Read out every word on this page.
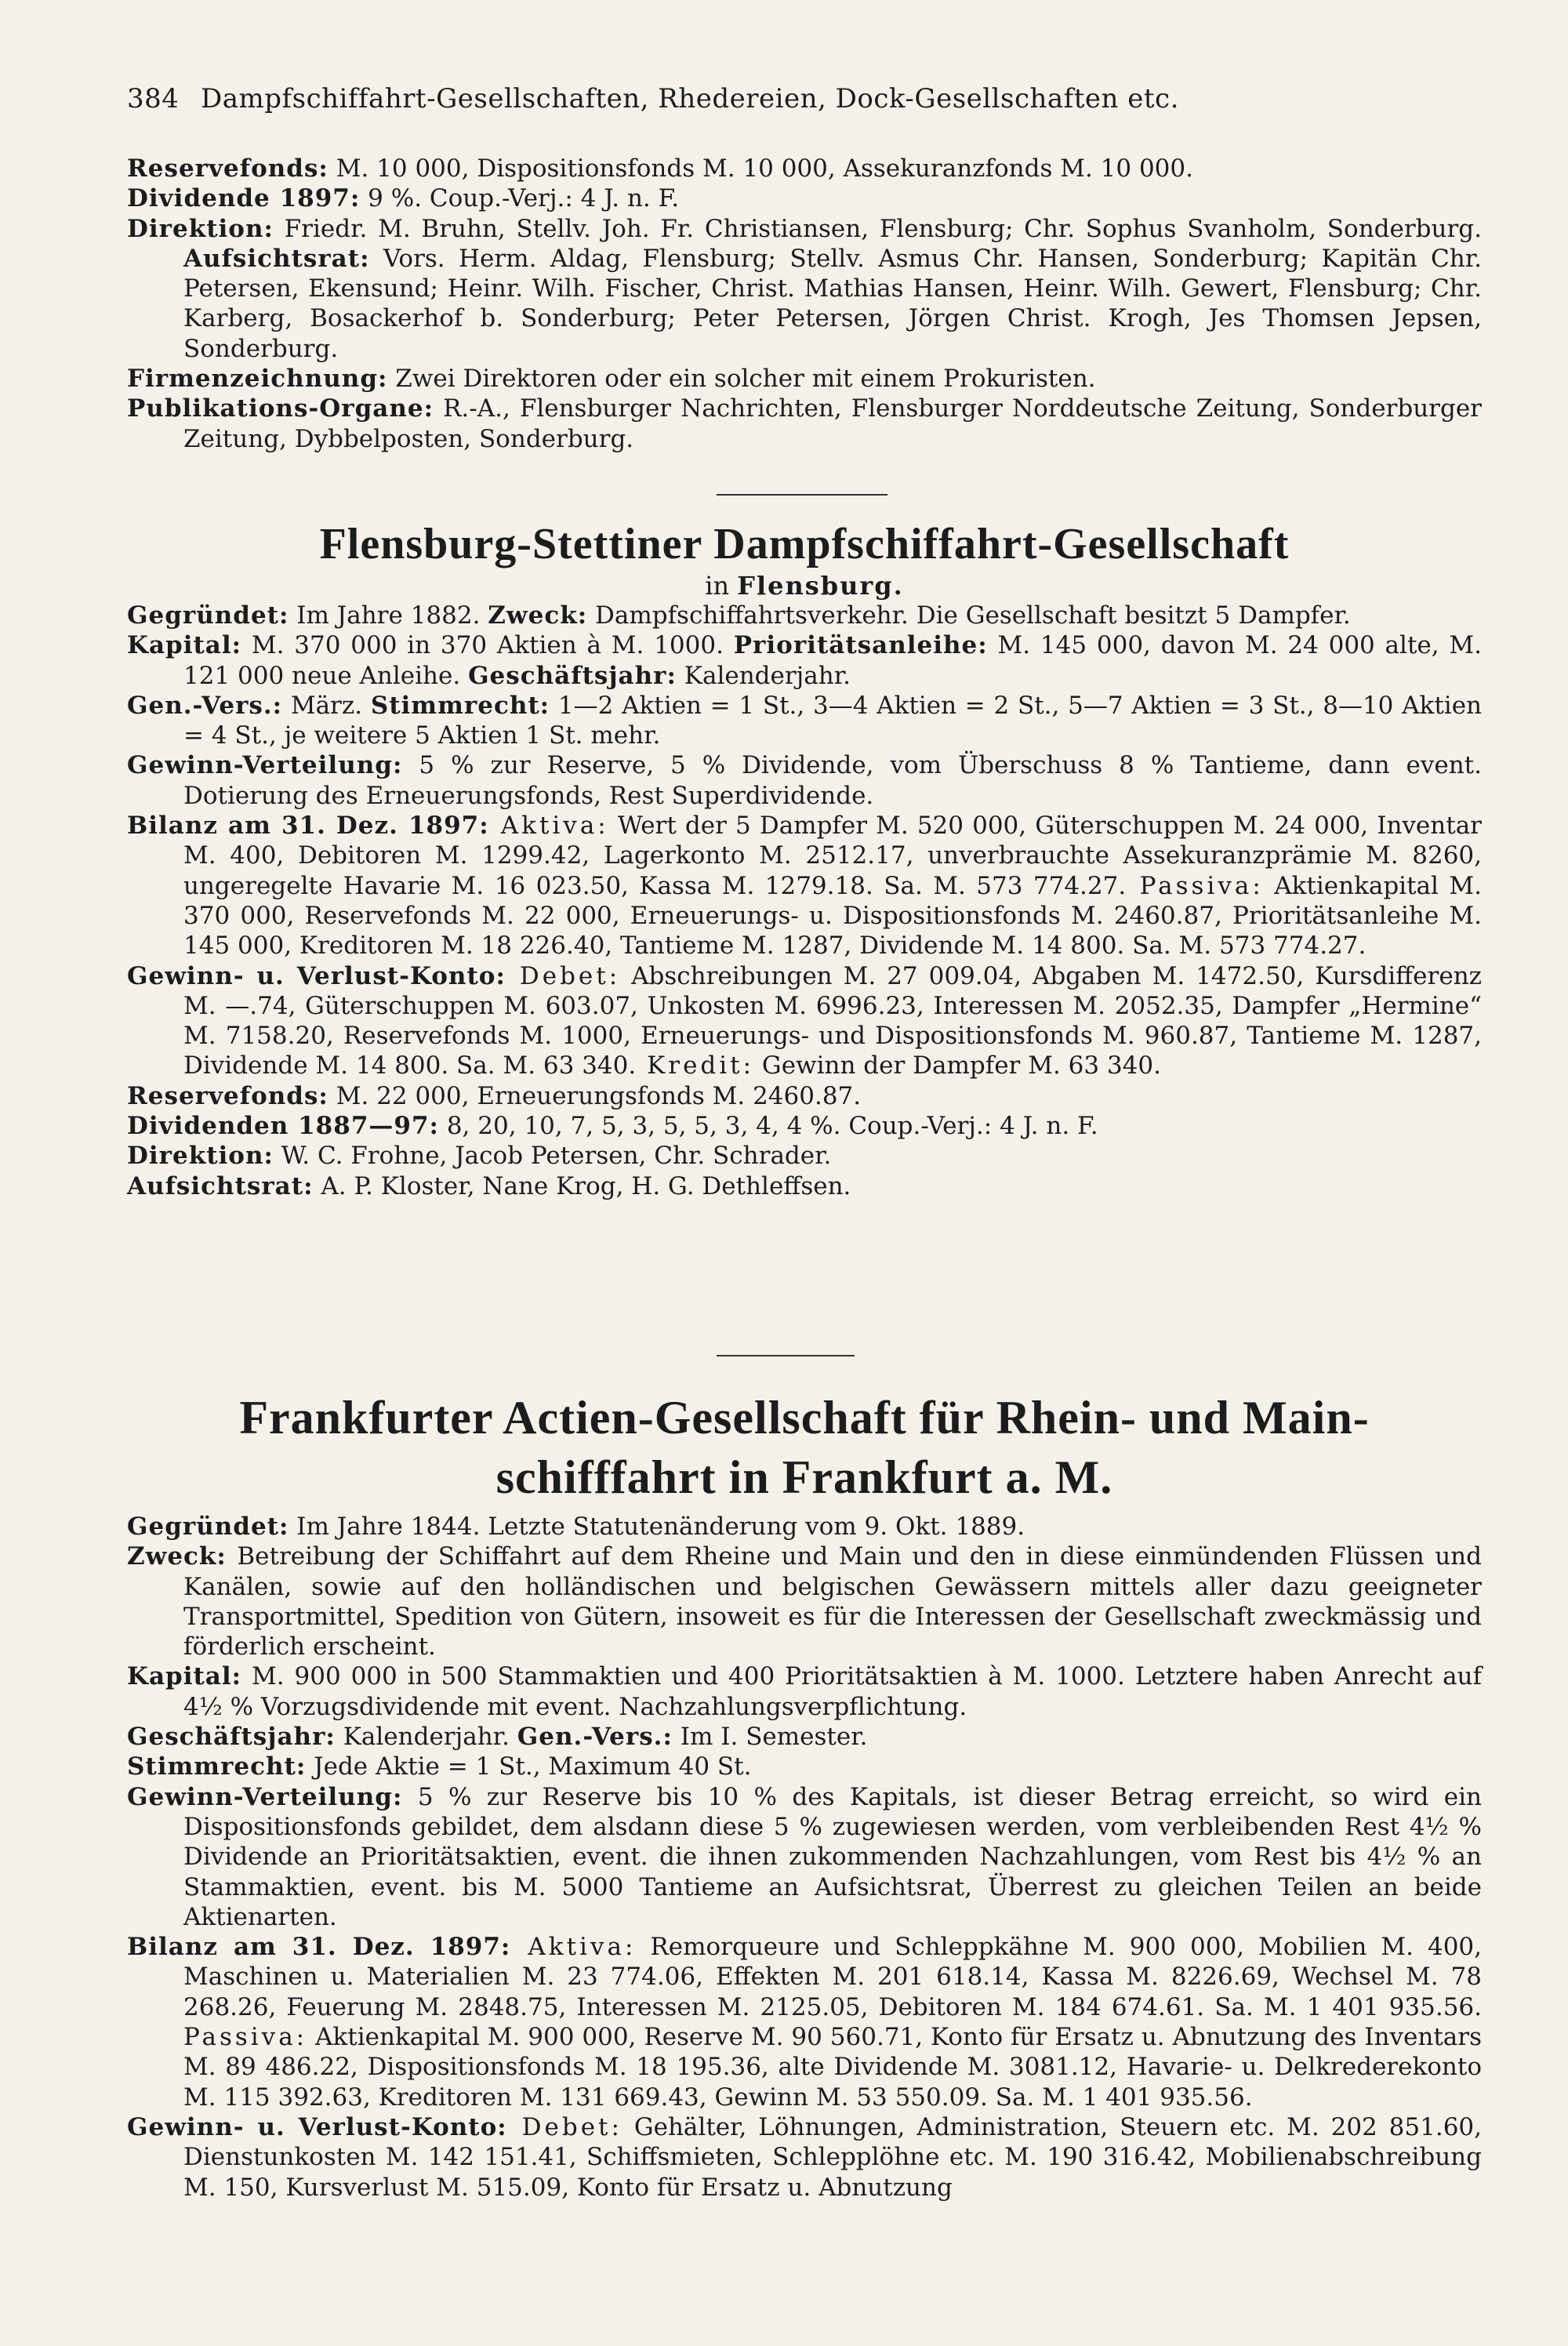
384 Dampfschiffahrt-Gesellschaften, Rhedereien, Dock-Gesellschaften etc.
Reservefonds: M. 10 000, Dispositionsfonds M. 10 000, Assekuranzfonds M. 10 000.
Dividende 1897: 9 %. Coup.-Verj.: 4 J. n. F.
Direktion: Friedr. M. Bruhn, Stellv. Joh. Fr. Christiansen, Flensburg; Chr. Sophus Svanholm, Sonderburg. Aufsichtsrat: Vors. Herm. Aldag, Flensburg; Stellv. Asmus Chr. Hansen, Sonderburg; Kapitän Chr. Petersen, Ekensund; Heinr. Wilh. Fischer, Christ. Mathias Hansen, Heinr. Wilh. Gewert, Flensburg; Chr. Karberg, Bosackerhof b. Sonderburg; Peter Petersen, Jörgen Christ. Krogh, Jes Thomsen Jepsen, Sonderburg.
Firmenzeichnung: Zwei Direktoren oder ein solcher mit einem Prokuristen.
Publikations-Organe: R.-A., Flensburger Nachrichten, Flensburger Norddeutsche Zeitung, Sonderburger Zeitung, Dybbelposten, Sonderburg.
Flensburg-Stettiner Dampfschiffahrt-Gesellschaft
in Flensburg.
Gegründet: Im Jahre 1882. Zweck: Dampfschiffahrtsverkehr. Die Gesellschaft besitzt 5 Dampfer.
Kapital: M. 370 000 in 370 Aktien à M. 1000. Prioritätsanleihe: M. 145 000, davon M. 24 000 alte, M. 121 000 neue Anleihe. Geschäftsjahr: Kalenderjahr.
Gen.-Vers.: März. Stimmrecht: 1—2 Aktien = 1 St., 3—4 Aktien = 2 St., 5—7 Aktien = 3 St., 8—10 Aktien = 4 St., je weitere 5 Aktien 1 St. mehr.
Gewinn-Verteilung: 5 % zur Reserve, 5 % Dividende, vom Überschuss 8 % Tantieme, dann event. Dotierung des Erneuerungsfonds, Rest Superdividende.
Bilanz am 31. Dez. 1897: Aktiva: Wert der 5 Dampfer M. 520 000, Güterschuppen M. 24 000, Inventar M. 400, Debitoren M. 1299.42, Lagerkonto M. 2512.17, unverbrauchte Assekuranzprämie M. 8260, ungeregelte Havarie M. 16 023.50, Kassa M. 1279.18. Sa. M. 573 774.27. Passiva: Aktienkapital M. 370 000, Reservefonds M. 22 000, Erneuerungs- u. Dispositionsfonds M. 2460.87, Prioritätsanleihe M. 145 000, Kreditoren M. 18 226.40, Tantieme M. 1287, Dividende M. 14 800. Sa. M. 573 774.27.
Gewinn- u. Verlust-Konto: Debet: Abschreibungen M. 27 009.04, Abgaben M. 1472.50, Kursdifferenz M. —.74, Güterschuppen M. 603.07, Unkosten M. 6996.23, Interessen M. 2052.35, Dampfer „Hermine“ M. 7158.20, Reservefonds M. 1000, Erneuerungs- und Dispositionsfonds M. 960.87, Tantieme M. 1287, Dividende M. 14 800. Sa. M. 63 340. Kredit: Gewinn der Dampfer M. 63 340.
Reservefonds: M. 22 000, Erneuerungsfonds M. 2460.87.
Dividenden 1887—97: 8, 20, 10, 7, 5, 3, 5, 5, 3, 4, 4 %. Coup.-Verj.: 4 J. n. F.
Direktion: W. C. Frohne, Jacob Petersen, Chr. Schrader.
Aufsichtsrat: A. P. Kloster, Nane Krog, H. G. Dethleffsen.
Frankfurter Actien-Gesellschaft für Rhein- und Main-
schifffahrt in Frankfurt a. M.
Gegründet: Im Jahre 1844. Letzte Statutenänderung vom 9. Okt. 1889.
Zweck: Betreibung der Schiffahrt auf dem Rheine und Main und den in diese einmündenden Flüssen und Kanälen, sowie auf den holländischen und belgischen Gewässern mittels aller dazu geeigneter Transportmittel, Spedition von Gütern, insoweit es für die Interessen der Gesellschaft zweckmässig und förderlich erscheint.
Kapital: M. 900 000 in 500 Stammaktien und 400 Prioritätsaktien à M. 1000. Letztere haben Anrecht auf 4½ % Vorzugsdividende mit event. Nachzahlungsverpflichtung.
Geschäftsjahr: Kalenderjahr. Gen.-Vers.: Im I. Semester.
Stimmrecht: Jede Aktie = 1 St., Maximum 40 St.
Gewinn-Verteilung: 5 % zur Reserve bis 10 % des Kapitals, ist dieser Betrag erreicht, so wird ein Dispositionsfonds gebildet, dem alsdann diese 5 % zugewiesen werden, vom verbleibenden Rest 4½ % Dividende an Prioritätsaktien, event. die ihnen zukommenden Nachzahlungen, vom Rest bis 4½ % an Stammaktien, event. bis M. 5000 Tantieme an Aufsichtsrat, Überrest zu gleichen Teilen an beide Aktienarten.
Bilanz am 31. Dez. 1897: Aktiva: Remorqueure und Schleppkähne M. 900 000, Mobilien M. 400, Maschinen u. Materialien M. 23 774.06, Effekten M. 201 618.14, Kassa M. 8226.69, Wechsel M. 78 268.26, Feuerung M. 2848.75, Interessen M. 2125.05, Debitoren M. 184 674.61. Sa. M. 1 401 935.56. Passiva: Aktienkapital M. 900 000, Reserve M. 90 560.71, Konto für Ersatz u. Abnutzung des Inventars M. 89 486.22, Dispositionsfonds M. 18 195.36, alte Dividende M. 3081.12, Havarie- u. Delkrederekonto M. 115 392.63, Kreditoren M. 131 669.43, Gewinn M. 53 550.09. Sa. M. 1 401 935.56.
Gewinn- u. Verlust-Konto: Debet: Gehälter, Löhnungen, Administration, Steuern etc. M. 202 851.60, Dienstunkosten M. 142 151.41, Schiffsmieten, Schlepplöhne etc. M. 190 316.42, Mobilienabschreibung M. 150, Kursverlust M. 515.09, Konto für Ersatz u. Abnutzung
